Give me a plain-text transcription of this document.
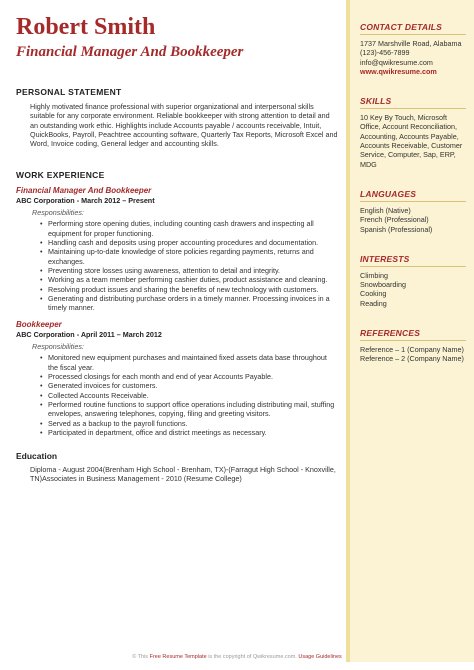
Robert Smith
Financial Manager And Bookkeeper
PERSONAL STATEMENT
Highly motivated finance professional with superior organizational and interpersonal skills suitable for any corporate environment. Reliable bookkeeper with strong attention to detail and an outstanding work ethic. Highlights include Accounts payable / accounts receivable, Intuit, QuickBooks, Payroll, Peachtree accounting software, Quarterly Tax Reports, Microsoft Excel and Word, Invoice coding, General ledger and accounting skills.
WORK EXPERIENCE
Financial Manager And Bookkeeper
ABC Corporation - March 2012 – Present
Responsibilities:
• Performing store opening duties, including counting cash drawers and inspecting all equipment for proper functioning.
• Handling cash and deposits using proper accounting procedures and documentation.
• Maintaining up-to-date knowledge of store policies regarding payments, returns and exchanges.
• Preventing store losses using awareness, attention to detail and integrity.
• Working as a team member performing cashier duties, product assistance and cleaning.
• Resolving product issues and sharing the benefits of new technology with customers.
• Generating and distributing purchase orders in a timely manner. Processing invoices in a timely manner.
Bookkeeper
ABC Corporation - April 2011 – March 2012
Responsibilities:
• Monitored new equipment purchases and maintained fixed assets data base throughout the fiscal year.
• Processed closings for each month and end of year Accounts Payable.
• Generated invoices for customers.
• Collected Accounts Receivable.
• Performed routine functions to support office operations including distributing mail, stuffing envelopes, answering telephones, copying, filing and greeting visitors.
• Served as a backup to the payroll functions.
• Participated in department, office and district meetings as necessary.
Education
Diploma - August 2004(Brenham High School - Brenham, TX)-(Farragut High School - Knoxville, TN)Associates in Business Management - 2010 (Resume College)
CONTACT DETAILS
1737 Marshville Road, Alabama
(123)-456-7899
info@qwikresume.com
www.qwikresume.com
SKILLS
10 Key By Touch, Microsoft Office, Account Reconciliation, Accounting, Accounts Payable, Accounts Receivable, Customer Service, Computer, Sap, ERP, MDG
LANGUAGES
English (Native)
French (Professional)
Spanish (Professional)
INTERESTS
Climbing
Snowboarding
Cooking
Reading
REFERENCES
Reference – 1 (Company Name)
Reference – 2 (Company Name)
© This Free Resume Template is the copyright of Qwikresume.com. Usage Guidelines
